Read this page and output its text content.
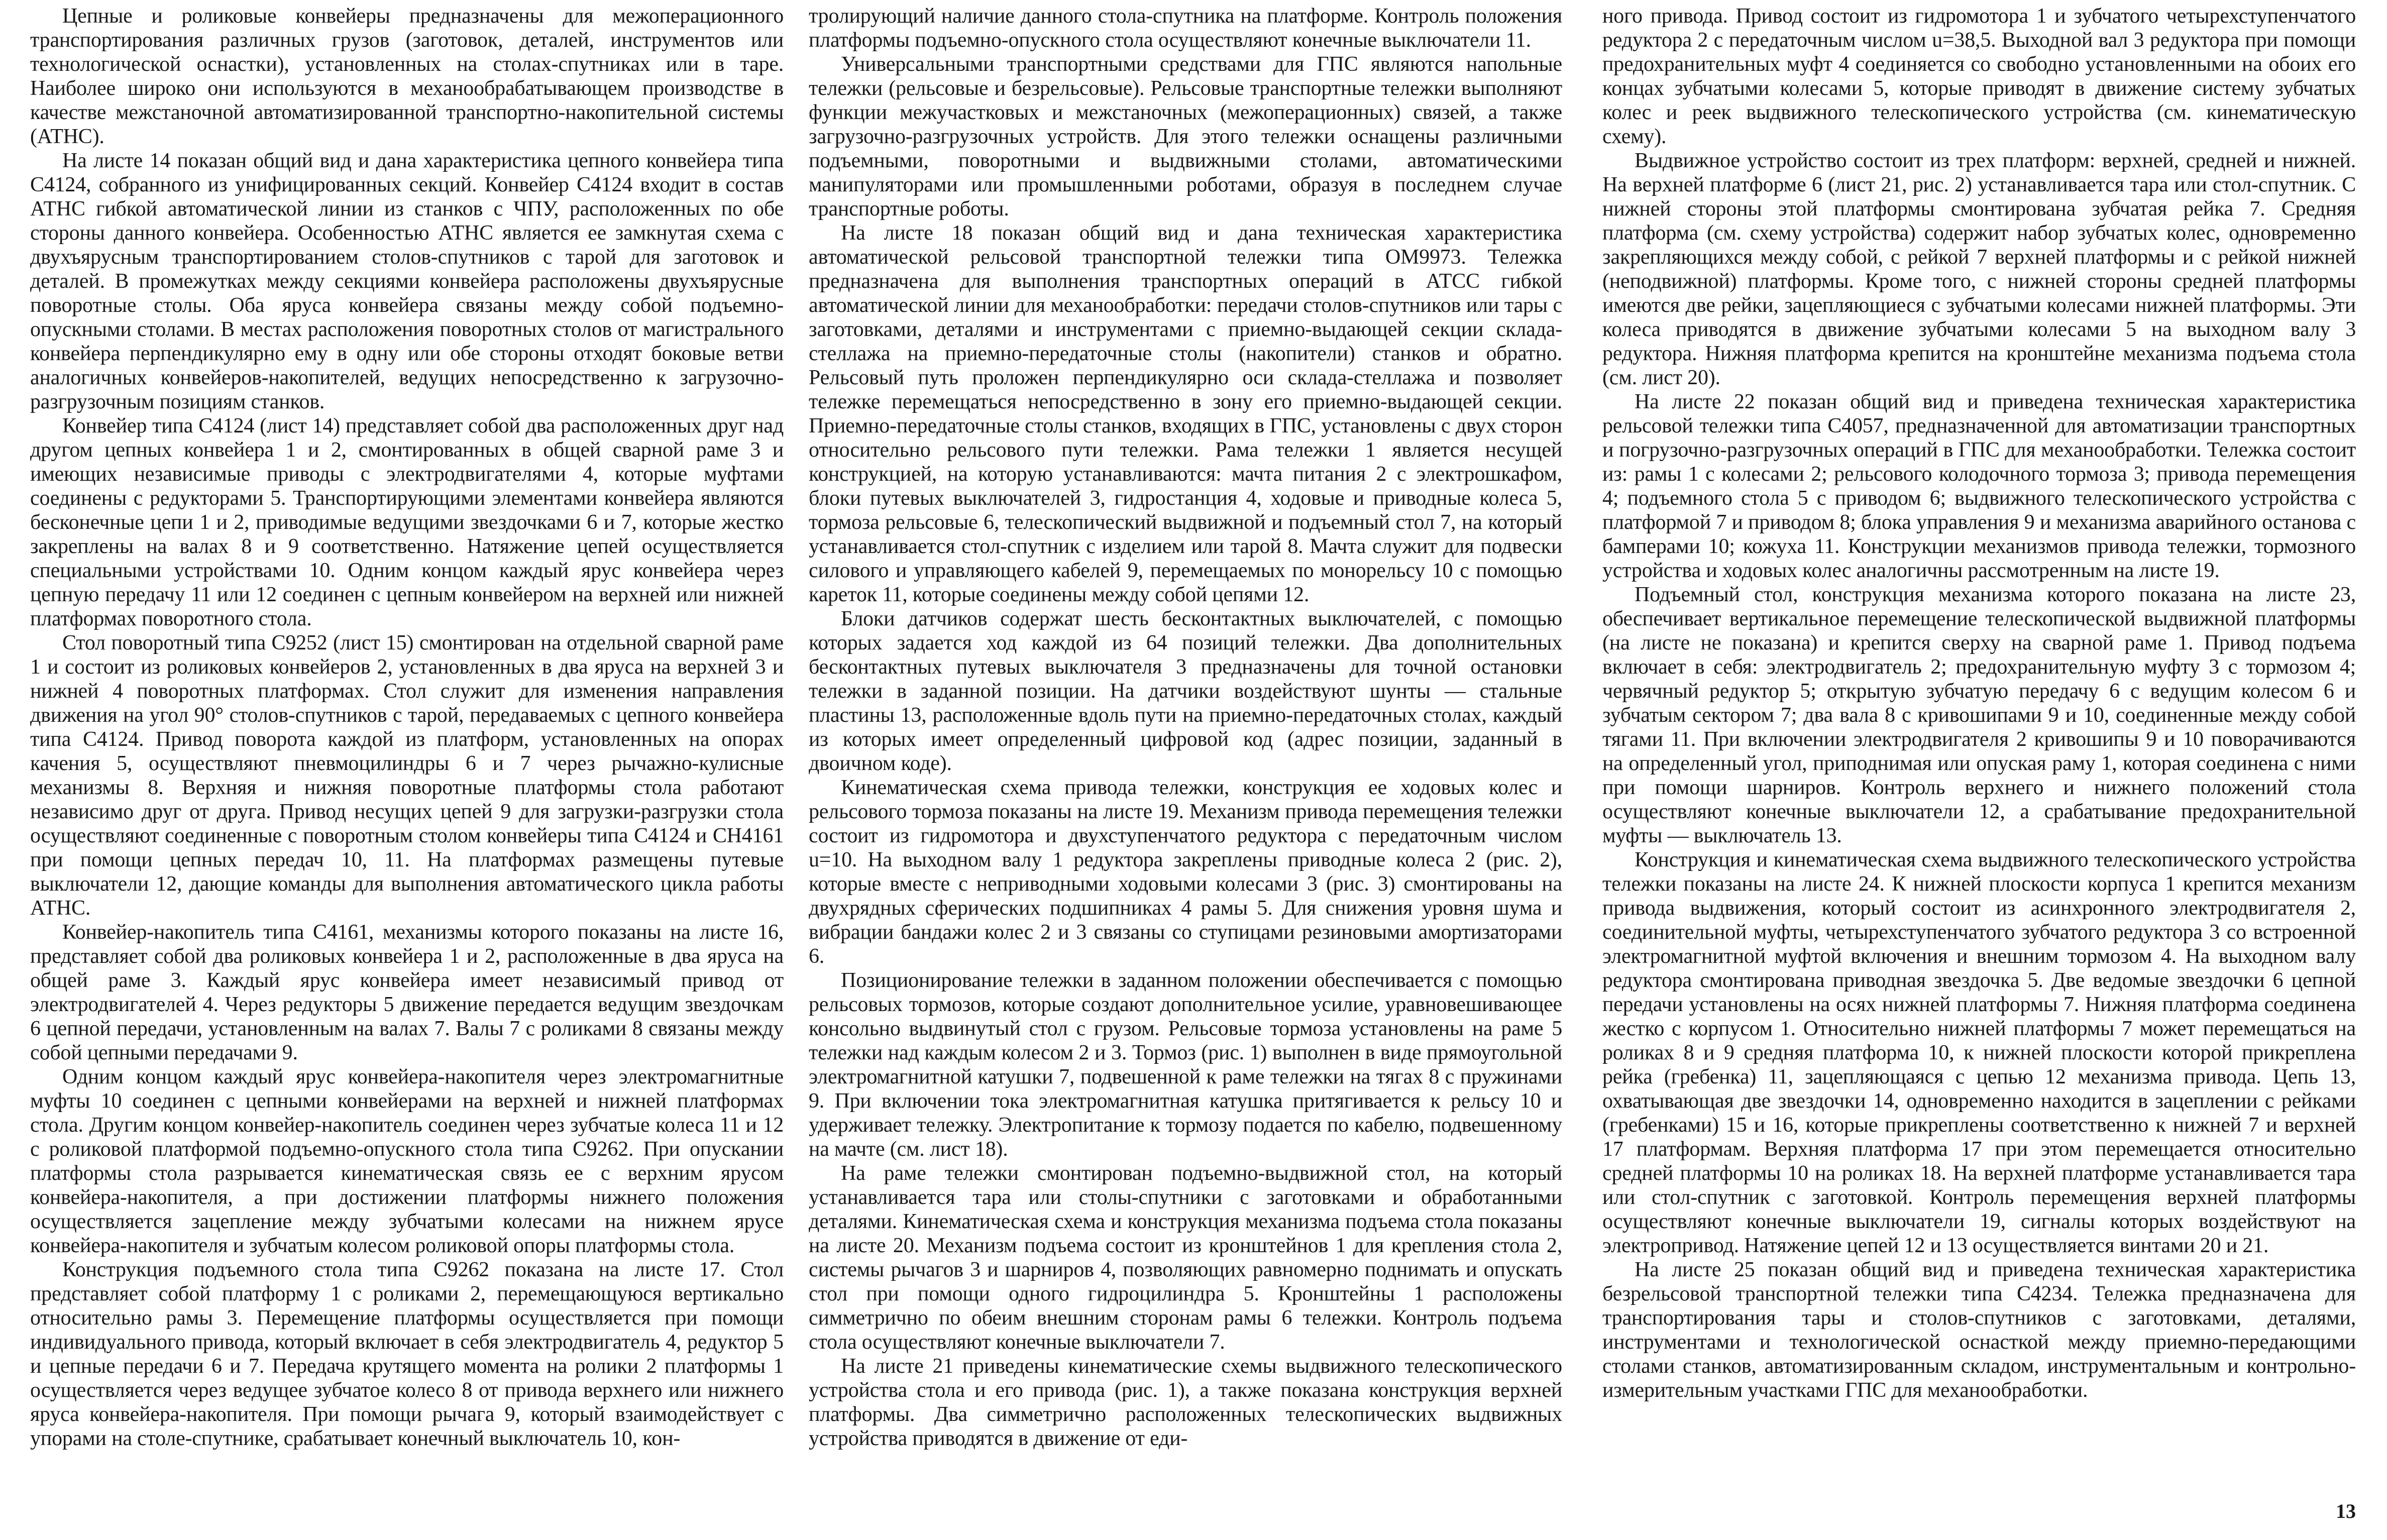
Цепные и роликовые конвейеры предназначены для межоперационного транспортирования различных грузов (заготовок, деталей, инструментов или технологической оснастки), установленных на столах-спутниках или в таре. Наиболее широко они используются в механообрабатывающем производстве в качестве межстаночной автоматизированной транспортно-накопительной системы (АТНС).

На листе 14 показан общий вид и дана характеристика цепного конвейера типа С4124, собранного из унифицированных секций. Конвейер С4124 входит в состав АТНС гибкой автоматической линии из станков с ЧПУ, расположенных по обе стороны данного конвейера. Особенностью АТНС является ее замкнутая схема с двухъярусным транспортированием столов-спутников с тарой для заготовок и деталей. В промежутках между секциями конвейера расположены двухъярусные поворотные столы. Оба яруса конвейера связаны между собой подъемно-опускными столами. В местах расположения поворотных столов от магистрального конвейера перпендикулярно ему в одну или обе стороны отходят боковые ветви аналогичных конвейеров-накопителей, ведущих непосредственно к загрузочно-разгрузочным позициям станков.

Конвейер типа С4124 (лист 14) представляет собой два расположенных друг над другом цепных конвейера 1 и 2, смонтированных в общей сварной раме 3 и имеющих независимые приводы с электродвигателями 4, которые муфтами соединены с редукторами 5. Транспортирующими элементами конвейера являются бесконечные цепи 1 и 2, приводимые ведущими звездочками 6 и 7, которые жестко закреплены на валах 8 и 9 соответственно. Натяжение цепей осуществляется специальными устройствами 10. Одним концом каждый ярус конвейера через цепную передачу 11 или 12 соединен с цепным конвейером на верхней или нижней платформах поворотного стола.

Стол поворотный типа С9252 (лист 15) смонтирован на отдельной сварной раме 1 и состоит из роликовых конвейеров 2, установленных в два яруса на верхней 3 и нижней 4 поворотных платформах. Стол служит для изменения направления движения на угол 90° столов-спутников с тарой, передаваемых с цепного конвейера типа С4124. Привод поворота каждой из платформ, установленных на опорах качения 5, осуществляют пневмоцилиндры 6 и 7 через рычажно-кулисные механизмы 8. Верхняя и нижняя поворотные платформы стола работают независимо друг от друга. Привод несущих цепей 9 для загрузки-разгрузки стола осуществляют соединенные с поворотным столом конвейеры типа С4124 и СН4161 при помощи цепных передач 10, 11. На платформах размещены путевые выключатели 12, дающие команды для выполнения автоматического цикла работы АТНС.

Конвейер-накопитель типа С4161, механизмы которого показаны на листе 16, представляет собой два роликовых конвейера 1 и 2, расположенные в два яруса на общей раме 3. Каждый ярус конвейера имеет независимый привод от электродвигателей 4. Через редукторы 5 движение передается ведущим звездочкам 6 цепной передачи, установленным на валах 7. Валы 7 с роликами 8 связаны между собой цепными передачами 9.

Одним концом каждый ярус конвейера-накопителя через электромагнитные муфты 10 соединен с цепными конвейерами на верхней и нижней платформах стола. Другим концом конвейер-накопитель соединен через зубчатые колеса 11 и 12 с роликовой платформой подъемно-опускного стола типа С9262. При опускании платформы стола разрывается кинематическая связь ее с верхним ярусом конвейера-накопителя, а при достижении платформы нижнего положения осуществляется зацепление между зубчатыми колесами на нижнем ярусе конвейера-накопителя и зубчатым колесом роликовой опоры платформы стола.

Конструкция подъемного стола типа С9262 показана на листе 17. Стол представляет собой платформу 1 с роликами 2, перемещающуюся вертикально относительно рамы 3. Перемещение платформы осуществляется при помощи индивидуального привода, который включает в себя электродвигатель 4, редуктор 5 и цепные передачи 6 и 7. Передача крутящего момента на ролики 2 платформы 1 осуществляется через ведущее зубчатое колесо 8 от привода верхнего или нижнего яруса конвейера-накопителя. При помощи рычага 9, который взаимодействует с упорами на столе-спутнике, срабатывает конечный выключатель 10, кон-

тролирующий наличие данного стола-спутника на платформе. Контроль положения платформы подъемно-опускного стола осуществляют конечные выключатели 11.

Универсальными транспортными средствами для ГПС являются напольные тележки (рельсовые и безрельсовые). Рельсовые транспортные тележки выполняют функции межучастковых и межстаночных (межоперационных) связей, а также загрузочно-разгрузочных устройств. Для этого тележки оснащены различными подъемными, поворотными и выдвижными столами, автоматическими манипуляторами или промышленными роботами, образуя в последнем случае транспортные роботы.

На листе 18 показан общий вид и дана техническая характеристика автоматической рельсовой транспортной тележки типа ОМ9973. Тележка предназначена для выполнения транспортных операций в АТСС гибкой автоматической линии для механообработки: передачи столов-спутников или тары с заготовками, деталями и инструментами с приемно-выдающей секции склада-стеллажа на приемно-передаточные столы (накопители) станков и обратно. Рельсовый путь проложен перпендикулярно оси склада-стеллажа и позволяет тележке перемещаться непосредственно в зону его приемно-выдающей секции. Приемно-передаточные столы станков, входящих в ГПС, установлены с двух сторон относительно рельсового пути тележки. Рама тележки 1 является несущей конструкцией, на которую устанавливаются: мачта питания 2 с электрошкафом, блоки путевых выключателей 3, гидростанция 4, ходовые и приводные колеса 5, тормоза рельсовые 6, телескопический выдвижной и подъемный стол 7, на который устанавливается стол-спутник с изделием или тарой 8. Мачта служит для подвески силового и управляющего кабелей 9, перемещаемых по монорельсу 10 с помощью кареток 11, которые соединены между собой цепями 12.

Блоки датчиков содержат шесть бесконтактных выключателей, с помощью которых задается ход каждой из 64 позиций тележки. Два дополнительных бесконтактных путевых выключателя 3 предназначены для точной остановки тележки в заданной позиции. На датчики воздействуют шунты — стальные пластины 13, расположенные вдоль пути на приемно-передаточных столах, каждый из которых имеет определенный цифровой код (адрес позиции, заданный в двоичном коде).

Кинематическая схема привода тележки, конструкция ее ходовых колес и рельсового тормоза показаны на листе 19. Механизм привода перемещения тележки состоит из гидромотора и двухступенчатого редуктора с передаточным числом u=10. На выходном валу 1 редуктора закреплены приводные колеса 2 (рис. 2), которые вместе с неприводными ходовыми колесами 3 (рис. 3) смонтированы на двухрядных сферических подшипниках 4 рамы 5. Для снижения уровня шума и вибрации бандажи колес 2 и 3 связаны со ступицами резиновыми амортизаторами 6.

Позиционирование тележки в заданном положении обеспечивается с помощью рельсовых тормозов, которые создают дополнительное усилие, уравновешивающее консольно выдвинутый стол с грузом. Рельсовые тормоза установлены на раме 5 тележки над каждым колесом 2 и 3. Тормоз (рис. 1) выполнен в виде прямоугольной электромагнитной катушки 7, подвешенной к раме тележки на тягах 8 с пружинами 9. При включении тока электромагнитная катушка притягивается к рельсу 10 и удерживает тележку. Электропитание к тормозу подается по кабелю, подвешенному на мачте (см. лист 18).

На раме тележки смонтирован подъемно-выдвижной стол, на который устанавливается тара или столы-спутники с заготовками и обработанными деталями. Кинематическая схема и конструкция механизма подъема стола показаны на листе 20. Механизм подъема состоит из кронштейнов 1 для крепления стола 2, системы рычагов 3 и шарниров 4, позволяющих равномерно поднимать и опускать стол при помощи одного гидроцилиндра 5. Кронштейны 1 расположены симметрично по обеим внешним сторонам рамы 6 тележки. Контроль подъема стола осуществляют конечные выключатели 7.

На листе 21 приведены кинематические схемы выдвижного телескопического устройства стола и его привода (рис. 1), а также показана конструкция верхней платформы. Два симметрично расположенных телескопических выдвижных устройства приводятся в движение от еди-

ного привода. Привод состоит из гидромотора 1 и зубчатого четырехступенчатого редуктора 2 с передаточным числом u=38,5. Выходной вал 3 редуктора при помощи предохранительных муфт 4 соединяется со свободно установленными на обоих его концах зубчатыми колесами 5, которые приводят в движение систему зубчатых колес и реек выдвижного телескопического устройства (см. кинематическую схему).

Выдвижное устройство состоит из трех платформ: верхней, средней и нижней. На верхней платформе 6 (лист 21, рис. 2) устанавливается тара или стол-спутник. С нижней стороны этой платформы смонтирована зубчатая рейка 7. Средняя платформа (см. схему устройства) содержит набор зубчатых колес, одновременно закрепляющихся между собой, с рейкой 7 верхней платформы и с рейкой нижней (неподвижной) платформы. Кроме того, с нижней стороны средней платформы имеются две рейки, зацепляющиеся с зубчатыми колесами нижней платформы. Эти колеса приводятся в движение зубчатыми колесами 5 на выходном валу 3 редуктора. Нижняя платформа крепится на кронштейне механизма подъема стола (см. лист 20).

На листе 22 показан общий вид и приведена техническая характеристика рельсовой тележки типа С4057, предназначенной для автоматизации транспортных и погрузочно-разгрузочных операций в ГПС для механообработки. Тележка состоит из: рамы 1 с колесами 2; рельсового колодочного тормоза 3; привода перемещения 4; подъемного стола 5 с приводом 6; выдвижного телескопического устройства с платформой 7 и приводом 8; блока управления 9 и механизма аварийного останова с бамперами 10; кожуха 11. Конструкции механизмов привода тележки, тормозного устройства и ходовых колес аналогичны рассмотренным на листе 19.

Подъемный стол, конструкция механизма которого показана на листе 23, обеспечивает вертикальное перемещение телескопической выдвижной платформы (на листе не показана) и крепится сверху на сварной раме 1. Привод подъема включает в себя: электродвигатель 2; предохранительную муфту 3 с тормозом 4; червячный редуктор 5; открытую зубчатую передачу 6 с ведущим колесом 6 и зубчатым сектором 7; два вала 8 с кривошипами 9 и 10, соединенные между собой тягами 11. При включении электродвигателя 2 кривошипы 9 и 10 поворачиваются на определенный угол, приподнимая или опуская раму 1, которая соединена с ними при помощи шарниров. Контроль верхнего и нижнего положений стола осуществляют конечные выключатели 12, а срабатывание предохранительной муфты — выключатель 13.

Конструкция и кинематическая схема выдвижного телескопического устройства тележки показаны на листе 24. К нижней плоскости корпуса 1 крепится механизм привода выдвижения, который состоит из асинхронного электродвигателя 2, соединительной муфты, четырехступенчатого зубчатого редуктора 3 со встроенной электромагнитной муфтой включения и внешним тормозом 4. На выходном валу редуктора смонтирована приводная звездочка 5. Две ведомые звездочки 6 цепной передачи установлены на осях нижней платформы 7. Нижняя платформа соединена жестко с корпусом 1. Относительно нижней платформы 7 может перемещаться на роликах 8 и 9 средняя платформа 10, к нижней плоскости которой прикреплена рейка (гребенка) 11, зацепляющаяся с цепью 12 механизма привода. Цепь 13, охватывающая две звездочки 14, одновременно находится в зацеплении с рейками (гребенками) 15 и 16, которые прикреплены соответственно к нижней 7 и верхней 17 платформам. Верхняя платформа 17 при этом перемещается относительно средней платформы 10 на роликах 18. На верхней платформе устанавливается тара или стол-спутник с заготовкой. Контроль перемещения верхней платформы осуществляют конечные выключатели 19, сигналы которых воздействуют на электропривод. Натяжение цепей 12 и 13 осуществляется винтами 20 и 21.

На листе 25 показан общий вид и приведена техническая характеристика безрельсовой транспортной тележки типа С4234. Тележка предназначена для транспортирования тары и столов-спутников с заготовками, деталями, инструментами и технологической оснасткой между приемно-передающими столами станков, автоматизированным складом, инструментальным и контрольно-измерительным участками ГПС для механообработки.

13
